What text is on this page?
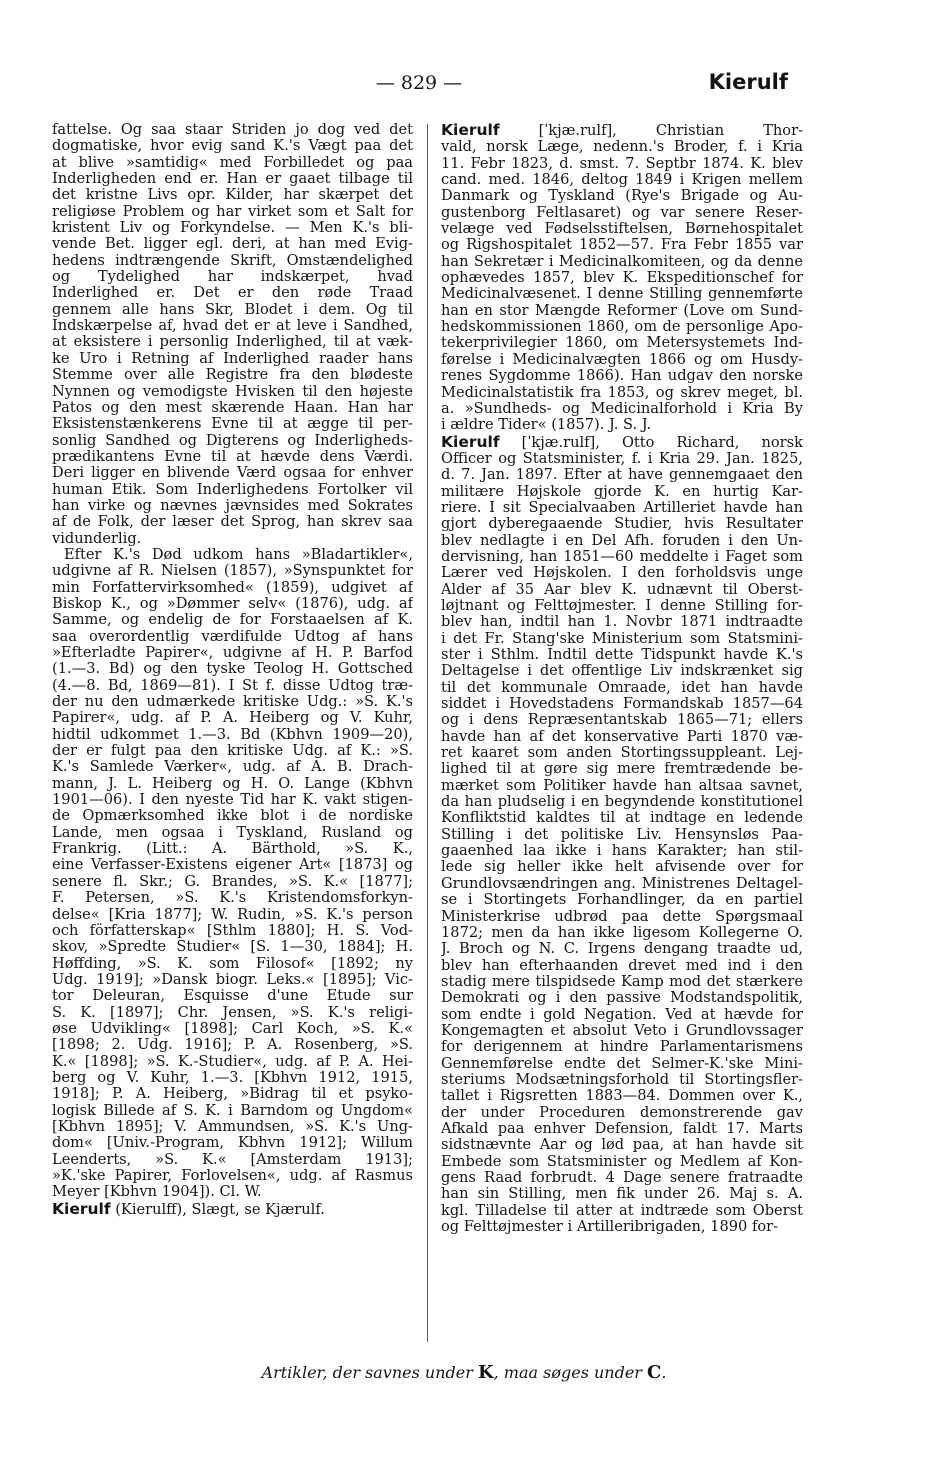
— 829 —	Kierulf

fattelse. Og saa staar Striden jo dog ved det

dogmatiske, hvor evig sand K.'s Vægt paa det

at blive »samtidig« med Forbilledet og paa

Inderligheden end er. Han er gaaet tilbage til

det kristne Livs opr. Kilder, har skærpet det

religiøse Problem og har virket som et Salt for

kristent Liv og Forkyndelse. — Men K.'s bli-

vende Bet. ligger egl. deri, at han med Evig-

hedens indtrængende Skrift, Omstændelighed

og Tydelighed har indskærpet, hvad

Inderlighed er. Det er den røde Traad

gennem alle hans Skr, Blodet i dem. Og til

Indskærpelse af, hvad det er at leve i Sandhed,

at eksistere i personlig Inderlighed, til at væk-

ke Uro i Retning af Inderlighed raader hans

Stemme over alle Registre fra den blødeste

Nynnen og vemodigste Hvisken til den højeste

Patos og den mest skærende Haan. Han har

Eksistenstænkerens Evne til at ægge til per-

sonlig Sandhed og Digterens og Inderligheds-

prædikantens Evne til at hævde dens Værdi.

Deri ligger en blivende Værd ogsaa for enhver

human Etik. Som Inderlighedens Fortolker vil

han virke og nævnes jævnsides med Sokrates

af de Folk, der læser det Sprog, han skrev saa

vidunderlig.

Efter K.'s Død udkom hans »Bladartikler«,

udgivne af R. Nielsen (1857), »Synspunktet for

min Forfattervirksomhed« (1859), udgivet af

Biskop K., og »Dømmer selv« (1876), udg. af

Samme, og endelig de for Forstaaelsen af K.

saa overordentlig værdifulde Udtog af hans

»Efterladte Papirer«, udgivne af H. P. Barfod

(1.—3. Bd) og den tyske Teolog H. Gottsched

(4.—8. Bd, 1869—81). I St f. disse Udtog træ-

der nu den udmærkede kritiske Udg.: »S. K.'s

Papirer«, udg. af P. A. Heiberg og V. Kuhr,

hidtil udkommet 1.—3. Bd (Kbhvn 1909—20),

der er fulgt paa den kritiske Udg. af K.: »S.

K.'s Samlede Værker«, udg. af A. B. Drach-

mann, J. L. Heiberg og H. O. Lange (Kbhvn

1901—06). I den nyeste Tid har K. vakt stigen-

de Opmærksomhed ikke blot i de nordiske

Lande, men ogsaa i Tyskland, Rusland og

Frankrig. (Litt.: A. Bärthold, »S. K.,

eine Verfasser-Existens eigener Art« [1873] og

senere fl. Skr.; G. Brandes, »S. K.« [1877];

F. Petersen, »S. K.'s Kristendomsforkyn-

delse« [Kria 1877]; W. Rudin, »S. K.'s person

och författerskap« [Sthlm 1880]; H. S. Vod-

skov, »Spredte Studier« [S. 1—30, 1884]; H.

Høffding, »S. K. som Filosof« [1892; ny

Udg. 1919]; »Dansk biogr. Leks.« [1895]; Vic-

tor Deleuran, Esquisse d'une Étude sur

S. K. [1897]; Chr. Jensen, »S. K.'s religi-

øse Udvikling« [1898]; Carl Koch, »S. K.«

[1898; 2. Udg. 1916]; P. A. Rosenberg, »S.

K.« [1898]; »S. K.-Studier«, udg. af P. A. Hei-

berg og V. Kuhr, 1.—3. [Kbhvn 1912, 1915,

1918]; P. A. Heiberg, »Bidrag til et psyko-

logisk Billede af S. K. i Barndom og Ungdom«

[Kbhvn 1895]; V. Ammundsen, »S. K.'s Ung-

dom« [Univ.-Program, Kbhvn 1912]; Willum

Leenderts, »S. K.« [Amsterdam 1913];

»K.'ske Papirer, Forlovelsen«, udg. af Rasmus

Meyer [Kbhvn 1904]). Cl. W.

Kierulf (Kierulff), Slægt, se Kjærulf.

Kierulf [ˈkjæ.rulf], Christian Thor-

vald, norsk Læge, nedenn.'s Broder, f. i Kria

11. Febr 1823, d. smst. 7. Septbr 1874. K. blev

cand. med. 1846, deltog 1849 i Krigen mellem

Danmark og Tyskland (Rye's Brigade og Au-

gustenborg Feltlasaret) og var senere Reser-

velæge ved Fødselsstiftelsen, Børnehospitalet

og Rigshospitalet 1852—57. Fra Febr 1855 var

han Sekretær i Medicinalkomiteen, og da denne

ophævedes 1857, blev K. Ekspeditionschef for

Medicinalvæsenet. I denne Stilling gennemførte

han en stor Mængde Reformer (Love om Sund-

hedskommissionen 1860, om de personlige Apo-

tekerprivilegier 1860, om Metersystemets Ind-

førelse i Medicinalvægten 1866 og om Husdy-

renes Sygdomme 1866). Han udgav den norske

Medicinalstatistik fra 1853, og skrev meget, bl.

a. »Sundheds- og Medicinalforhold i Kria By

i ældre Tider« (1857). J. S. J.

Kierulf [ˈkjæ.rulf], Otto Richard, norsk

Officer og Statsminister, f. i Kria 29. Jan. 1825,

d. 7. Jan. 1897. Efter at have gennemgaaet den

militære Højskole gjorde K. en hurtig Kar-

riere. I sit Specialvaaben Artilleriet havde han

gjort dyberegaaende Studier, hvis Resultater

blev nedlagte i en Del Afh. foruden i den Un-

dervisning, han 1851—60 meddelte i Faget som

Lærer ved Højskolen. I den forholdsvis unge

Alder af 35 Aar blev K. udnævnt til Oberst-

løjtnant og Felttøjmester. I denne Stilling for-

blev han, indtil han 1. Novbr 1871 indtraadte

i det Fr. Stang'ske Ministerium som Statsmini-

ster i Sthlm. Indtil dette Tidspunkt havde K.'s

Deltagelse i det offentlige Liv indskrænket sig

til det kommunale Omraade, idet han havde

siddet i Hovedstadens Formandskab 1857—64

og i dens Repræsentantskab 1865—71; ellers

havde han af det konservative Parti 1870 væ-

ret kaaret som anden Stortingssuppleant. Lej-

lighed til at gøre sig mere fremtrædende be-

mærket som Politiker havde han altsaa savnet,

da han pludselig i en begyndende konstitutionel

Konfliktstid kaldtes til at indtage en ledende

Stilling i det politiske Liv. Hensynsløs Paa-

gaaenhed laa ikke i hans Karakter; han stil-

lede sig heller ikke helt afvisende over for

Grundlovsændringen ang. Ministrenes Deltagel-

se i Stortingets Forhandlinger, da en partiel

Ministerkrise udbrød paa dette Spørgsmaal

1872; men da han ikke ligesom Kollegerne O.

J. Broch og N. C. Irgens dengang traadte ud,

blev han efterhaanden drevet med ind i den

stadig mere tilspidsede Kamp mod det stærkere

Demokrati og i den passive Modstandspolitik,

som endte i gold Negation. Ved at hævde for

Kongemagten et absolut Veto i Grundlovssager

for derigennem at hindre Parlamentarismens

Gennemførelse endte det Selmer-K.'ske Mini-

steriums Modsætningsforhold til Stortingsfler-

tallet i Rigsretten 1883—84. Dommen over K.,

der under Proceduren demonstrerende gav

Afkald paa enhver Defension, faldt 17. Marts

sidstnævnte Aar og lød paa, at han havde sit

Embede som Statsminister og Medlem af Kon-

gens Raad forbrudt. 4 Dage senere fratraadte

han sin Stilling, men fik under 26. Maj s. A.

kgl. Tilladelse til atter at indtræde som Oberst

og Felttøjmester i Artilleribrigaden, 1890 for-

Artikler, der savnes under K, maa søges under C.
